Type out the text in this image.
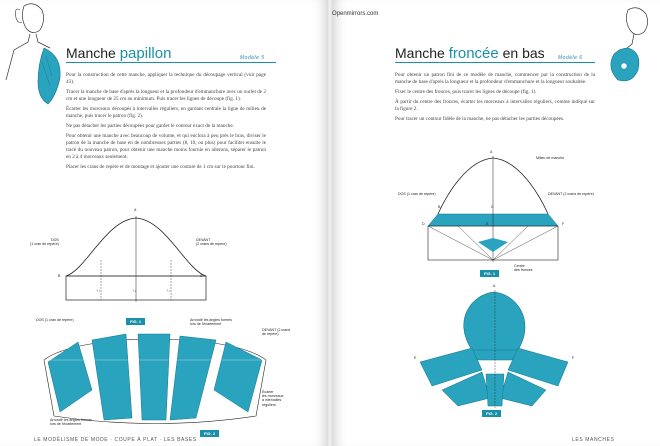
Openmirrors.com
Manche papillon	Modèle 5

Pour la construction de cette manche, appliquer la technique du découpage vertical (voir page 43).

Tracer la manche de base d'après la longueur et la profondeur d'emmanchure avec un ourlet de 2 cm et une longueur de 25 cm au minimum. Puis tracer les lignes de découpe (fig. 1).

Écarter les morceaux découpés à intervalles réguliers, en gardant centrale la ligne de milieu de manche, puis tracer le patron (fig. 2).

Ne pas détacher les parties découpées pour garder le contour exact de la manche.

Pour obtenir une manche avec beaucoup de volume, et qui enclora à peu près le bras, diviser le patron de la manche de base en de nombreuses parties (8, 10, ou plus) pour faciliter ensuite le tracé du nouveau patron, pour obtenir une manche moins fournie en ailerons, séparer le patron en 2 à 4 morceaux seulement.

Placer les crans de repère et de montage et ajouter une couture de 1 cm sur le pourtour fini.

↑↓	↑↓	↑↓
A
DOS
(1 cran de repère)
DEVANT
(2 crans de repère)
B	C
FIG. 1
DOS (1 cran de repère)	Arrondir les angles formés
lors de l'écartement
DEVANT (2 crans
de repère)
Écarter
les morceaux
à intervalles
réguliers
Arrondir les angles formés
lors de l'écartement
FIG. 2
LE MODÉLISME DE MODE · COUPE À PLAT · LES BASES
Manche froncée en bas	Modèle 6

Pour obtenir un patron fini de ce modèle de manche, commencer par la construction de la manche de base d'après la longueur et la profondeur d'emmanchure et la longueur souhaitée.

Fixer le centre des fronces, puis tracer les lignes de découpe (fig. 1).

À partir du centre des fronces, écarter les morceaux à intervalles réguliers, comme indiqué sur la figure 2.

Pour tracer un contour fidèle de la manche, ne pas détacher les parties découpées.

A
Milieu de manche
DOS (1 cran de repère)	DEVANT (2 crans de repère)
B	C
D	E	F
Centre
des fronces
FIG. 1
A
E	F
FIG. 2
LES MANCHES
